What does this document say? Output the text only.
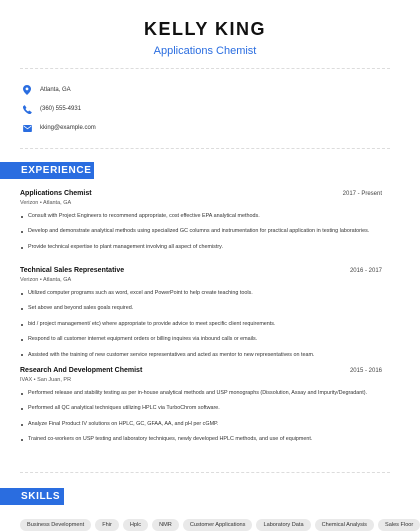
KELLY KING
Applications Chemist
Atlanta, GA
(360) 555-4931
kking@example.com
EXPERIENCE
Applications Chemist	2017 - Present
Verizon • Atlanta, GA
Consult with Project Engineers to recommend appropriate, cost effective EPA analytical methods.
Develop and demonstrate analytical methods using specialized GC columns and instrumentation for practical application in testing laboratories.
Provide technical expertise to plant management involving all aspect of chemistry.
Technical Sales Representative	2016 - 2017
Verizon • Atlanta, GA
Utilized computer programs such as word, excel and PowerPoint to help create teaching tools.
Set above and beyond sales goals required.
bid / project management/ etc) where appropriate to provide advice to meet specific client requirements.
Respond to all customer internet equipment orders or billing inquires via inbound calls or emails.
Assisted with the training of new customer service representatives and acted as mentor to new representatives on team.
Research And Development Chemist	2015 - 2016
IVAX • San Juan, PR
Performed release and stability testing as per in-house analytical methods and USP monographs (Dissolution, Assay and Impurity/Degradant).
Performed all QC analytical techniques utilizing HPLC via TurboChrom software.
Analyze Final Product IV solutions on HPLC, GC, GFAA, AA, and pH per cGMP.
Trained co-workers on USP testing and laboratory techniques, newly developed HPLC methods, and use of equipment.
SKILLS
Business Development	Fhir	Hplc	NMR	Customer Applications	Laboratory Data	Chemical Analysis	Sales Floor
